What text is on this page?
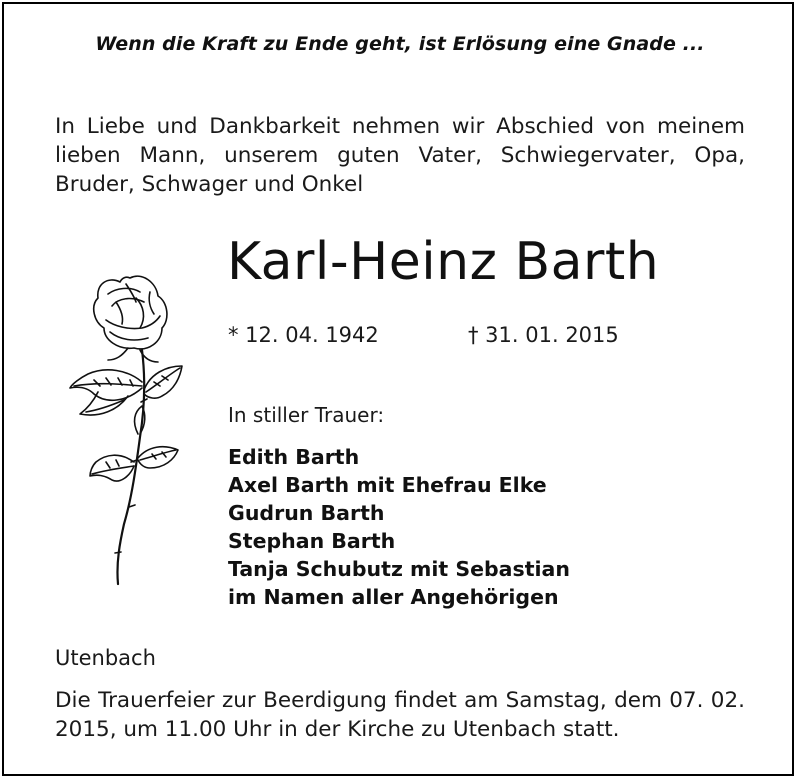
Wenn die Kraft zu Ende geht, ist Erlösung eine Gnade ...
In Liebe und Dankbarkeit nehmen wir Abschied von meinem lieben Mann, unserem guten Vater, Schwiegervater, Opa, Bruder, Schwager und Onkel
Karl-Heinz Barth
* 12. 04. 1942	† 31. 01. 2015
In stiller Trauer:
Edith Barth
Axel Barth mit Ehefrau Elke
Gudrun Barth
Stephan Barth
Tanja Schubutz mit Sebastian
im Namen aller Angehörigen
Utenbach
Die Trauerfeier zur Beerdigung findet am Samstag, dem 07. 02. 2015, um 11.00 Uhr in der Kirche zu Utenbach statt.
